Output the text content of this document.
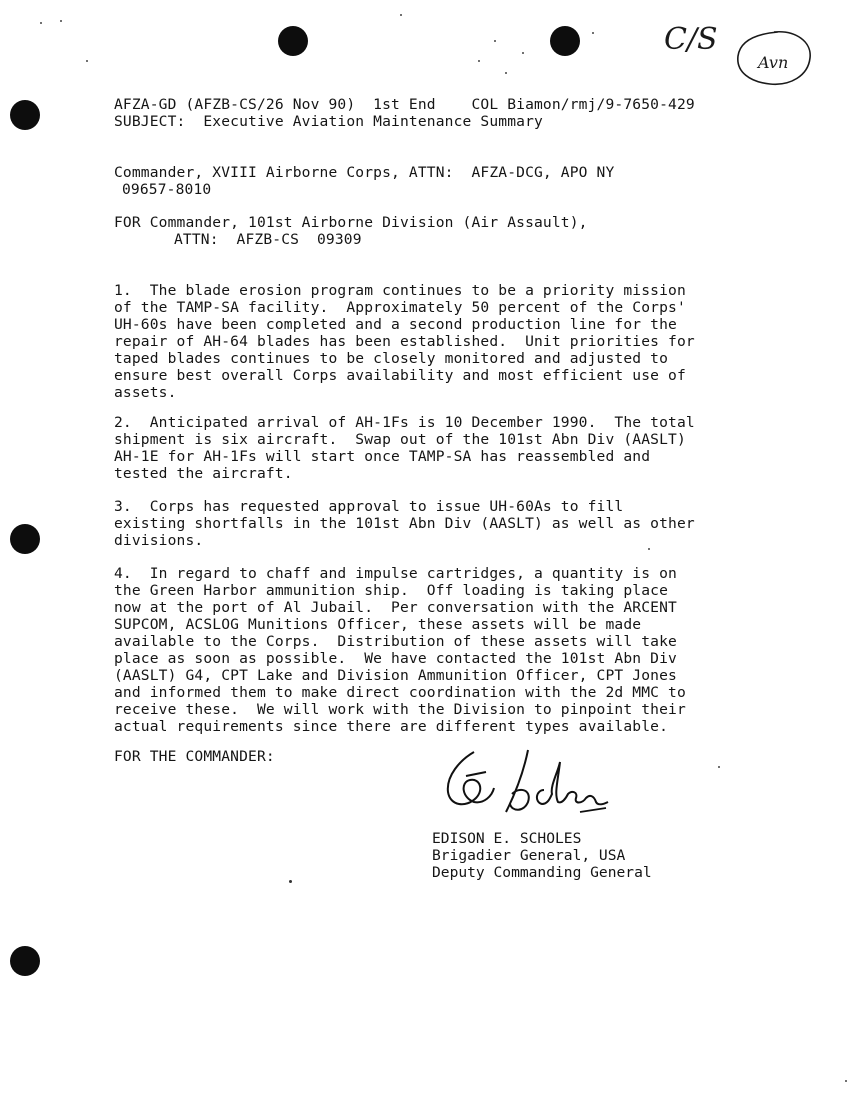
C/S
Avn
AFZA-GD (AFZB-CS/26 Nov 90)  1st End    COL Biamon/rmj/9-7650-429
SUBJECT:  Executive Aviation Maintenance Summary
Commander, XVIII Airborne Corps, ATTN:  AFZA-DCG, APO NY
09657-8010
FOR Commander, 101st Airborne Division (Air Assault),
ATTN:  AFZB-CS  09309
1.  The blade erosion program continues to be a priority mission
of the TAMP-SA facility.  Approximately 50 percent of the Corps'
UH-60s have been completed and a second production line for the
repair of AH-64 blades has been established.  Unit priorities for
taped blades continues to be closely monitored and adjusted to
ensure best overall Corps availability and most efficient use of
assets.
2.  Anticipated arrival of AH-1Fs is 10 December 1990.  The total
shipment is six aircraft.  Swap out of the 101st Abn Div (AASLT)
AH-1E for AH-1Fs will start once TAMP-SA has reassembled and
tested the aircraft.
3.  Corps has requested approval to issue UH-60As to fill
existing shortfalls in the 101st Abn Div (AASLT) as well as other
divisions.
4.  In regard to chaff and impulse cartridges, a quantity is on
the Green Harbor ammunition ship.  Off loading is taking place
now at the port of Al Jubail.  Per conversation with the ARCENT
SUPCOM, ACSLOG Munitions Officer, these assets will be made
available to the Corps.  Distribution of these assets will take
place as soon as possible.  We have contacted the 101st Abn Div
(AASLT) G4, CPT Lake and Division Ammunition Officer, CPT Jones
and informed them to make direct coordination with the 2d MMC to
receive these.  We will work with the Division to pinpoint their
actual requirements since there are different types available.
FOR THE COMMANDER:
EDISON E. SCHOLES
Brigadier General, USA
Deputy Commanding General
